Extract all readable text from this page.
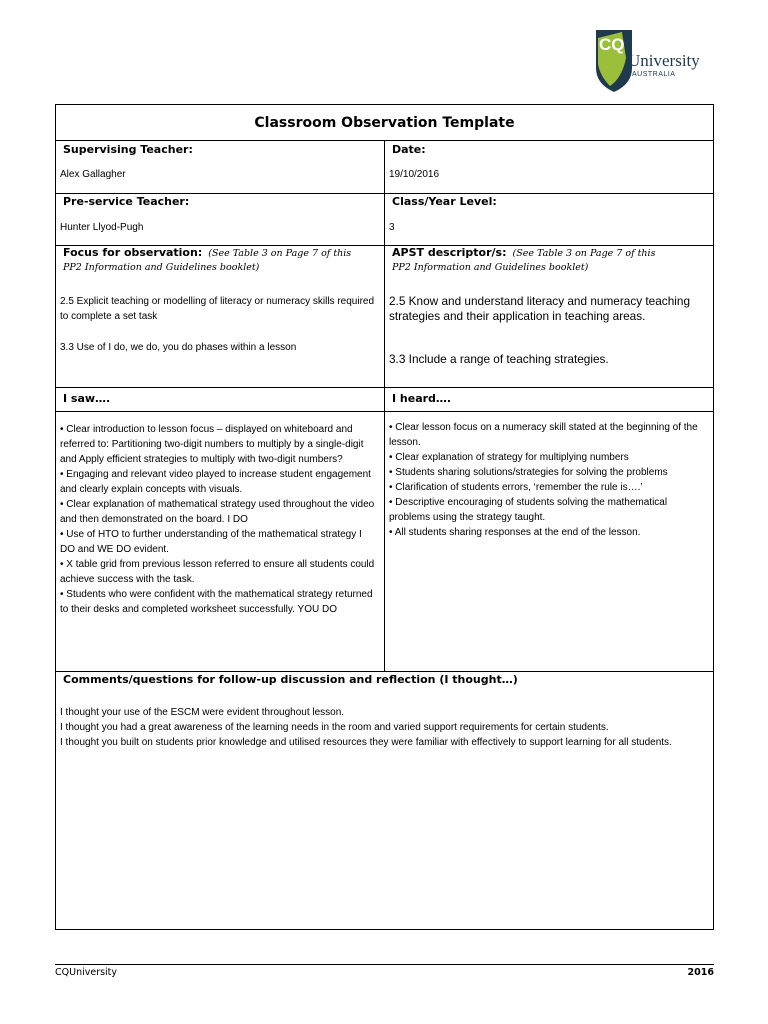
CQ
University
AUSTRALIA
Classroom Observation Template
Supervising Teacher:
Alex Gallagher
Date:
19/10/2016
Pre-service Teacher:
Hunter Llyod-Pugh
Class/Year Level:
3
Focus for observation: (See Table 3 on Page 7 of this
PP2 Information and Guidelines booklet)
2.5 Explicit teaching or modelling of literacy or numeracy skills required to complete a set task
3.3 Use of I do, we do, you do phases within a lesson
APST descriptor/s: (See Table 3 on Page 7 of this
PP2 Information and Guidelines booklet)
2.5 Know and understand literacy and numeracy teaching strategies and their application in teaching areas.
3.3 Include a range of teaching strategies.
I saw….	I heard….
• Clear introduction to lesson focus – displayed on whiteboard and referred to: Partitioning two-digit numbers to multiply by a single-digit and Apply efficient strategies to multiply with two-digit numbers?
• Engaging and relevant video played to increase student engagement and clearly explain concepts with visuals.
• Clear explanation of mathematical strategy used throughout the video and then demonstrated on the board. I DO
• Use of HTO to further understanding of the mathematical strategy I DO and WE DO evident.
• X table grid from previous lesson referred to ensure all students could achieve success with the task.
• Students who were confident with the mathematical strategy returned to their desks and completed worksheet successfully. YOU DO
• Clear lesson focus on a numeracy skill stated at the beginning of the lesson.
• Clear explanation of strategy for multiplying numbers
• Students sharing solutions/strategies for solving the problems
• Clarification of students errors, ‘remember the rule is….’
• Descriptive encouraging of students solving the mathematical problems using the strategy taught.
• All students sharing responses at the end of the lesson.
Comments/questions for follow-up discussion and reflection (I thought…)
I thought your use of the ESCM were evident throughout lesson.
I thought you had a great awareness of the learning needs in the room and varied support requirements for certain students.
I thought you built on students prior knowledge and utilised resources they were familiar with effectively to support learning for all students.
CQUniversity	2016
